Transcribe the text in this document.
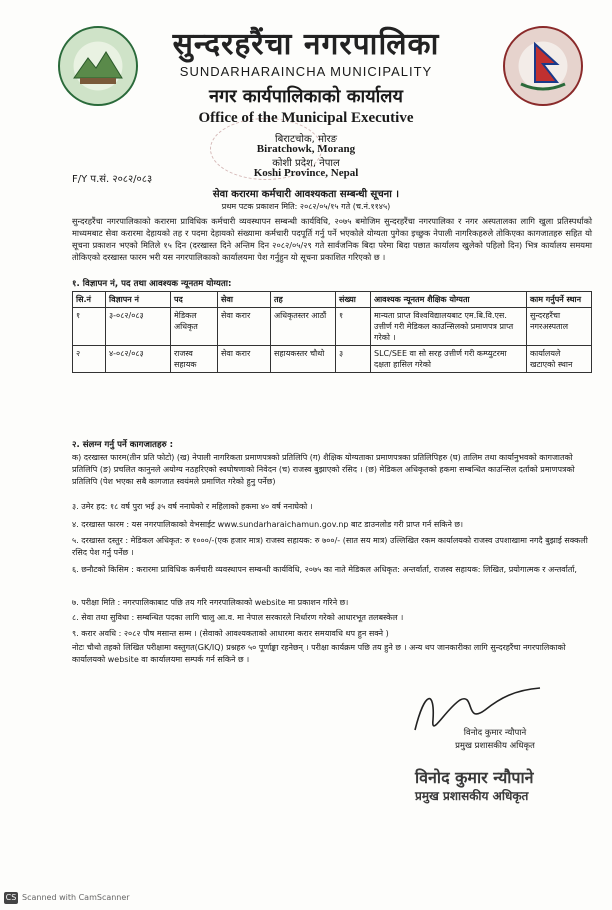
सुन्दरहरैंचा नगरपालिका
SUNDARHARAINCHA MUNICIPALITY
नगर कार्यपालिकाको कार्यालय
Office of the Municipal Executive
बिराटचोक, मोरङ
Biratchowk, Morang
कोशी प्रदेश, नेपाल
Koshi Province, Nepal
F/Y प.सं. २०८२/०८३
सेवा करारमा कर्मचारी आवश्यकता सम्बन्धी सूचना ।
प्रथम पटक प्रकाशन मिति: २०८२/०५/१५ गते (च.नं.११४५)
सुन्दरहरैंचा नगरपालिकाको करारमा प्राविधिक कर्मचारी व्यवस्थापन सम्बन्धी कार्यविधि, २०७५ बमोजिम सुन्दरहरैंचा नगरपालिका र नगर अस्पतालका लागि खुला प्रतिस्पर्धाको माध्यमबाट सेवा करारमा देहायको तह र पदमा देहायको संख्यामा कर्मचारी पदपूर्ति गर्नु पर्ने भएकोले योग्यता पुगेका इच्छुक नेपाली नागरिकहरुले तोकिएका कागजातहरु सहित यो सूचना प्रकाशन भएको मितिले १५ दिन (दरखास्त दिने अन्तिम दिन २०८२/०५/२९ गते सार्वजनिक बिदा परेमा बिदा पछात कार्यालय खुलेको पहिलो दिन) भित्र कार्यालय समयमा तोकिएको दरखास्त फारम भरी यस नगरपालिकाको कार्यालयमा पेश गर्नुहुन यो सूचना प्रकाशित गरिएको छ ।
१. विज्ञापन नं, पद तथा आवश्यक न्यूनतम योग्यता:
सि.नं	विज्ञापन नं	पद	सेवा	तह	संख्या	आवश्यक न्यूनतम शैक्षिक योग्यता	काम गर्नुपर्ने स्थान
१	३-०८२/०८३	मेडिकल अधिकृत	सेवा करार	अधिकृतस्तर आठौं	१	मान्यता प्राप्त विश्वविद्यालयबाट एम.बि.वि.एस. उत्तीर्ण गरी मेडिकल काउन्सिलको प्रमाणपत्र प्राप्त गरेको ।	सुन्दरहरैंचा नगरअस्पताल
२	४-०८२/०८३	राजस्व सहायक	सेवा करार	सहायकस्तर चौथो	३	SLC/SEE वा सो सरह उत्तीर्ण गरी कम्प्युटरमा दक्षता हासिल गरेको	कार्यालयले खटाएको स्थान
२. संलग्न गर्नु पर्ने कागजातहरु :
क) दरखास्त फारम(तीन प्रति फोटो) (ख) नेपाली नागरिकता प्रमाणपत्रको प्रतिलिपि (ग) शैक्षिक योग्यताका प्रमाणपत्रका प्रतिलिपिहरु (घ) तालिम तथा कार्यानुभवको कागजातको प्रतिलिपि (ङ) प्रचलित कानुनले अयोग्य नठहरिएको स्वघोषणाको निवेदन (च) राजस्व बुझाएको रसिद । (छ) मेडिकल अधिकृतको हकमा सम्बन्धित काउन्सिल दर्ताको प्रमाणपत्रको प्रतिलिपि (पेश भएका सबै कागजात स्वयंमले प्रमाणित गरेको हुनु पर्नेछ)
३. उमेर हद: १८ वर्ष पुरा भई ३५ वर्ष ननाघेको र महिलाको हकमा ४० वर्ष ननाघेको ।
४. दरखास्त फारम : यस नगरपालिकाको वेभसाईट www.sundarharaichamun.gov.np बाट डाउनलोड गरी प्राप्त गर्न सकिने छ।
५. दरखास्त दस्तुर : मेडिकल अधिकृत: रु १०००/-(एक हजार मात्र) राजस्व सहायक: रु ७००/- (सात सय मात्र) उल्लिखित रकम कार्यालयको राजस्व उपशाखामा नगदै बुझाई सक्कली रसिद पेश गर्नु पर्नेछ ।
६. छनौटको किसिम : करारमा प्राविधिक कर्मचारी व्यवस्थापन सम्बन्धी कार्यविधि, २०७५ का नाते मेडिकल अधिकृत: अन्तर्वार्ता, राजस्व सहायक: लिखित, प्रयोगात्मक र अन्तर्वार्ता,
७. परीक्षा मिति : नगरपालिकाबाट पछि तय गरि नगरपालिकाको website मा प्रकाशन गरिने छ।
८. सेवा तथा सुविधा : सम्बन्धित पदका लागि चालु आ.व. मा नेपाल सरकारले निर्धारण गरेको आधारभूत तलबस्केल ।
९. करार अवधि : २०८२ पौष मसान्त सम्म । (सेवाको आवश्यकताको आधारमा करार समयावधि थप हुन सक्ने )
नोटः चौथो तहको लिखित परीक्षामा वस्तुगत(GK/IQ) प्रश्नहरु ५० पूर्णाङ्का रहनेछन् । परीक्षा कार्यक्रम पछि तय हुने छ । अन्य थप जानकारीका लागि सुन्दरहरैंचा नगरपालिकाको कार्यालयको website वा कार्यालयमा सम्पर्क गर्न सकिने छ ।
विनोद कुमार न्यौपाने
प्रमुख प्रशासकीय अधिकृत
विनोद कुमार न्यौपाने
प्रमुख प्रशासकीय अधिकृत
CS Scanned with CamScanner
